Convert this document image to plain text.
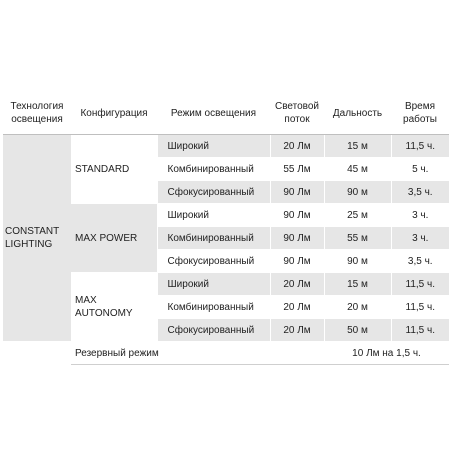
Технология освещения	Конфигурация	Режим освещения	Световой поток	Дальность	Время работы
CONSTANT LIGHTING	STANDARD	Широкий	20 Лм	15 м	11,5 ч.
		Комбинированный	55 Лм	45 м	5 ч.
		Сфокусированный	90 Лм	90 м	3,5 ч.
	MAX POWER	Широкий	90 Лм	25 м	3 ч.
		Комбинированный	90 Лм	55 м	3 ч.
		Сфокусированный	90 Лм	90 м	3,5 ч.
	MAX AUTONOMY	Широкий	20 Лм	15 м	11,5 ч.
		Комбинированный	20 Лм	20 м	11,5 ч.
		Сфокусированный	20 Лм	50 м	11,5 ч.
	Резервный режим			10 Лм на 1,5 ч.	
